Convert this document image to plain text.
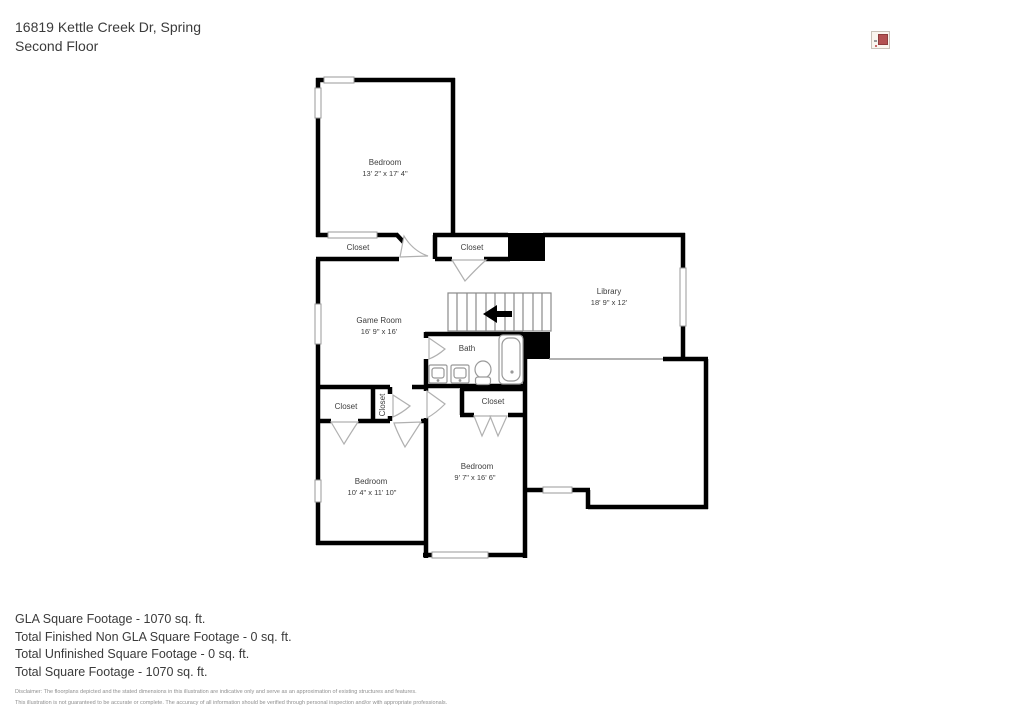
16819 Kettle Creek Dr, Spring
Second Floor
Bedroom
13' 2" x 17' 4"
Closet	Closet
Library
18' 9" x 12'
Game Room
16' 9" x 16'
Bath
Closet
Closet	Closet
Bedroom
10' 4" x 11' 10"
Bedroom
9' 7" x 16' 6"
GLA Square Footage - 1070 sq. ft.
Total Finished Non GLA Square Footage - 0 sq. ft.
Total Unfinished Square Footage - 0 sq. ft.
Total Square Footage - 1070 sq. ft.
Disclaimer: The floorplans depicted and the stated dimensions in this illustration are indicative only and serve as an approximation of existing structures and features.
This illustration is not guaranteed to be accurate or complete. The accuracy of all information should be verified through personal inspection and/or with appropriate professionals.
